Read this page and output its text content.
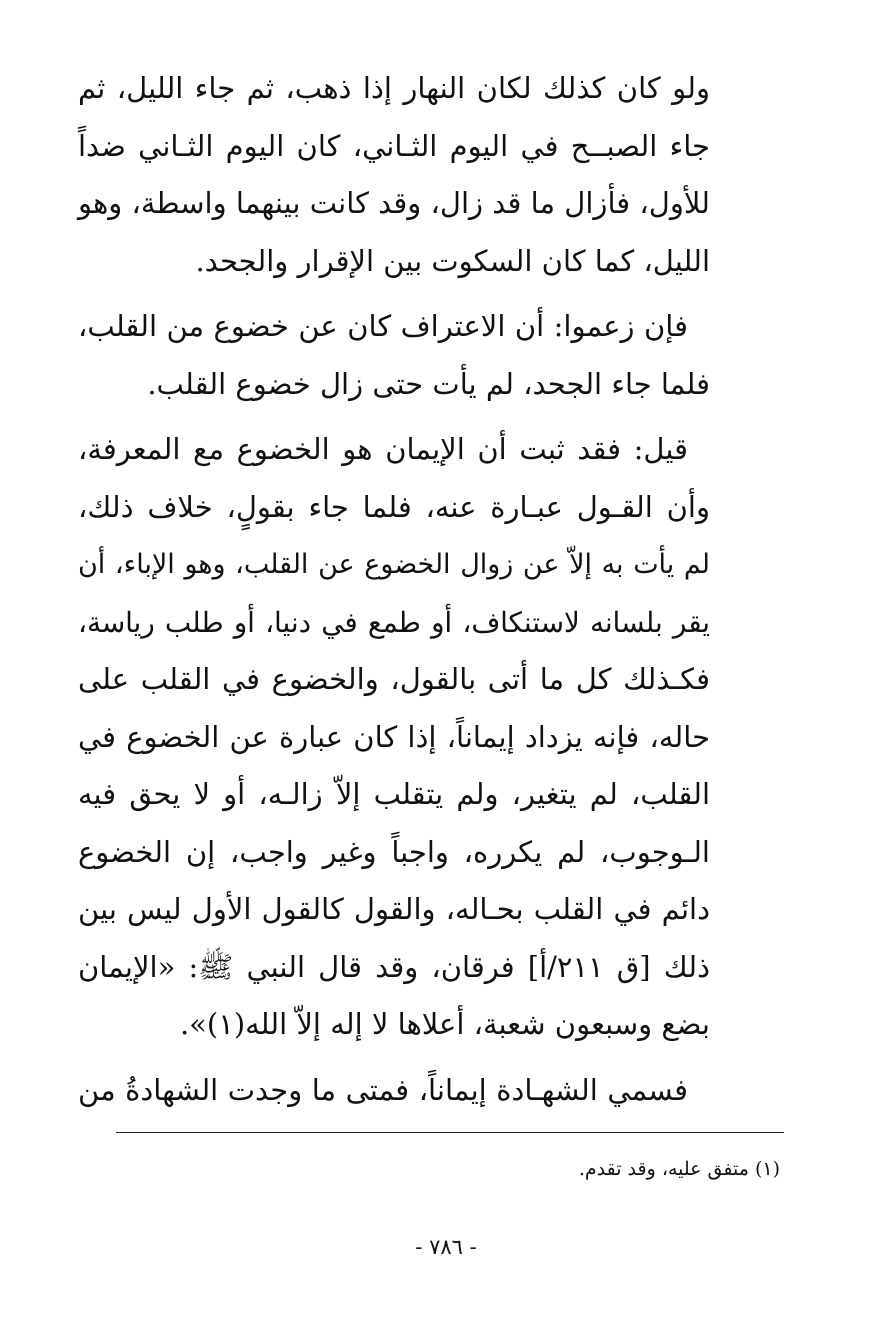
ولو كان كذلك لكان النهار إذا ذهب، ثم جاء الليل، ثم
جاء الصبــح في اليوم الثـاني، كان اليوم الثـاني ضداً
للأول، فأزال ما قد زال، وقد كانت بينهما واسطة، وهو
الليل، كما كان السكوت بين الإقرار والجحد.

فإن زعموا: أن الاعتراف كان عن خضوع من القلب،
فلما جاء الجحد، لم يأت حتى زال خضوع القلب.

قيل: فقد ثبت أن الإيمان هو الخضوع مع المعرفة،
وأن القـول عبـارة عنه، فلما جاء بقولٍ، خلاف ذلك،
لم يأت به إلاّ عن زوال الخضوع عن القلب، وهو الإباء، أن
يقر بلسانه لاستنكاف، أو طمع في دنيا، أو طلب رياسة،
فكـذلك كل ما أتى بالقول، والخضوع في القلب على
حاله، فإنه يزداد إيماناً، إذا كان عبارة عن الخضوع في
القلب، لم يتغير، ولم يتقلب إلاّ زالـه، أو لا يحق فيه
الـوجوب، لم يكرره، واجباً وغير واجب، إن الخضوع
دائم في القلب بحـاله، والقول كالقول الأول ليس بين
ذلك [ق ٢١١/أ] فرقان، وقد قال النبي ﷺ: «الإيمان
بضع وسبعون شعبة، أعلاها لا إله إلاّ الله(١)».

فسمي الشهـادة إيماناً، فمتى ما وجدت الشهادةُ من

(١) متفق عليه، وقد تقدم.
- ٧٨٦ -
